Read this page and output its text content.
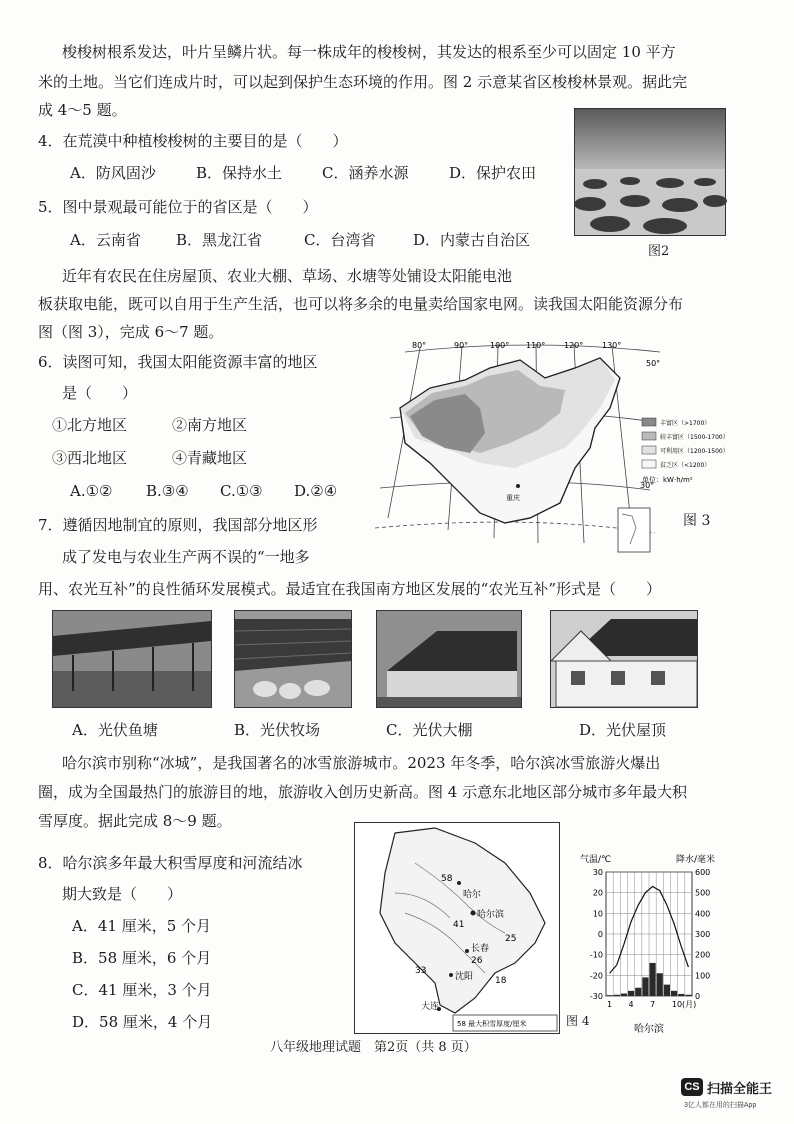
梭梭树根系发达，叶片呈鳞片状。每一株成年的梭梭树，其发达的根系至少可以固定 10 平方
米的土地。当它们连成片时，可以起到保护生态环境的作用。图 2 示意某省区梭梭林景观。据此完
成 4～5 题。
4．在荒漠中种植梭梭树的主要目的是（　　）
A．防风固沙	B．保持水土	C．涵养水源	D．保护农田
5．图中景观最可能位于的省区是（　　）
A．云南省 B．黑龙江省	C．台湾省	D．内蒙古自治区
图2
近年有农民在住房屋顶、农业大棚、草场、水塘等处铺设太阳能电池
板获取电能，既可以自用于生产生活，也可以将多余的电量卖给国家电网。读我国太阳能资源分布
图（图 3），完成 6～7 题。
6．读图可知，我国太阳能资源丰富的地区
是（　　）
①北方地区	②南方地区
③西北地区	④青藏地区
A.①② B.③④ C.①③ D.②④
80°	90°	100° 110° 120° 130°
50°
30°
重庆
丰富区（>1700）
较丰富区（1500-1700）
可利用区（1200-1500）
贫乏区（<1200）
单位：kW·h/m²
图 3
7．遵循因地制宜的原则，我国部分地区形
成了发电与农业生产两不误的“一地多
用、农光互补”的良性循环发展模式。最适宜在我国南方地区发展的“农光互补”形式是（　　）
A．光伏鱼塘	B．光伏牧场	C．光伏大棚	D．光伏屋顶
哈尔滨市别称“冰城”，是我国著名的冰雪旅游城市。2023 年冬季，哈尔滨冰雪旅游火爆出
圈，成为全国最热门的旅游目的地，旅游收入创历史新高。图 4 示意东北地区部分城市多年最大积
雪厚度。据此完成 8～9 题。
8．哈尔滨多年最大积雪厚度和河流结冰
期大致是（　　）
A．41 厘米，5 个月
B．58 厘米，6 个月
C．41 厘米，3 个月
D．58 厘米，4 个月
58
哈尔
哈尔滨
41
长春
26
沈阳
33
大连
18
25
58 最大积雪厚度/厘米
气温/℃	降水/毫米
30
20
10
0
-10
-20
-30
600
500
400
300
200
100
0
1 4 7 10(月)
哈尔滨
图 4
八年级地理试题　第2页（共 8 页）
CS 扫描全能王
3亿人都在用的扫描App
